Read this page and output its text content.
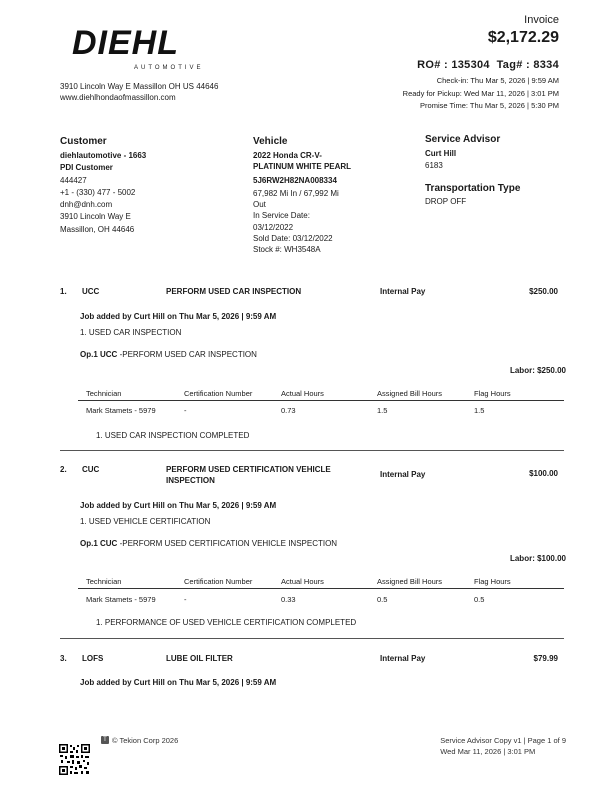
DIEHL
AUTOMOTIVE
3910 Lincoln Way E Massillon OH US 44646
www.diehlhondaofmassillon.com
Invoice
$2,172.29
RO# : 135304 Tag# : 8334
Check-in: Thu Mar 5, 2026 | 9:59 AM
Ready for Pickup: Wed Mar 11, 2026 | 3:01 PM
Promise Time: Thu Mar 5, 2026 | 5:30 PM
Customer
diehlautomotive - 1663
PDI Customer
444427
+1 - (330) 477 - 5002
dnh@dnh.com
3910 Lincoln Way E
Massillon, OH 44646
Vehicle
2022 Honda CR-V-
PLATINUM WHITE PEARL
5J6RW2H82NA008334
67,982 Mi In / 67,992 Mi
Out
In Service Date:
03/12/2022
Sold Date: 03/12/2022
Stock #: WH3548A
Service Advisor
Curt Hill
6183
Transportation Type
DROP OFF
1. UCC	PERFORM USED CAR INSPECTION	Internal Pay	$250.00
Job added by Curt Hill on Thu Mar 5, 2026 | 9:59 AM
1. USED CAR INSPECTION
Op.1 UCC -PERFORM USED CAR INSPECTION
Labor: $250.00
Technician	Certification Number	Actual Hours	Assigned Bill Hours	Flag Hours
Mark Stamets - 5979	-	0.73	1.5	1.5
1. USED CAR INSPECTION COMPLETED
2. CUC	PERFORM USED CERTIFICATION VEHICLE
INSPECTION
Internal Pay	$100.00
Job added by Curt Hill on Thu Mar 5, 2026 | 9:59 AM
1. USED VEHICLE CERTIFICATION
Op.1 CUC -PERFORM USED CERTIFICATION VEHICLE INSPECTION
Labor: $100.00
Technician	Certification Number	Actual Hours	Assigned Bill Hours	Flag Hours
Mark Stamets - 5979	-	0.33	0.5	0.5
1. PERFORMANCE OF USED VEHICLE CERTIFICATION COMPLETED
3. LOFS	LUBE OIL FILTER	Internal Pay	$79.99
Job added by Curt Hill on Thu Mar 5, 2026 | 9:59 AM
T © Tekion Corp 2026	Service Advisor Copy v1 | Page 1 of 9
Wed Mar 11, 2026 | 3:01 PM
